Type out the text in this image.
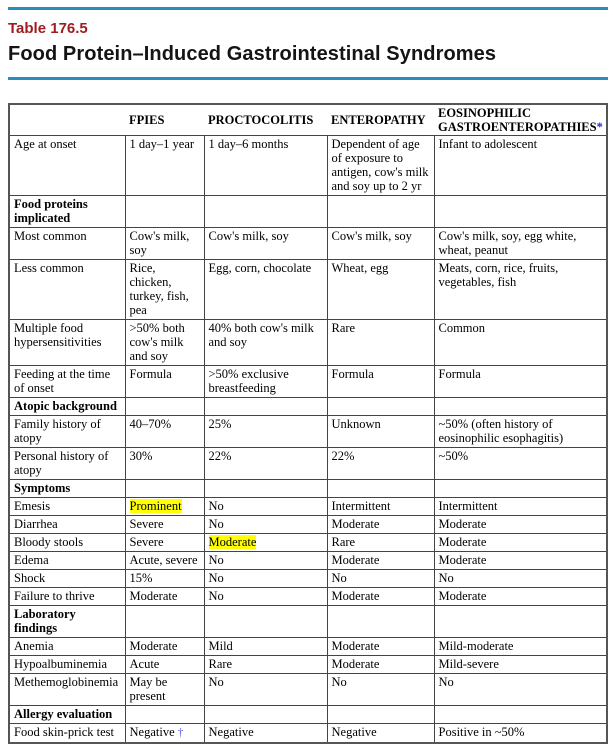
Table 176.5
Food Protein–Induced Gastrointestinal Syndromes
	FPIES	PROCTOCOLITIS	ENTEROPATHY	EOSINOPHILIC GASTROENTEROPATHIES*
Age at onset	1 day–1 year	1 day–6 months	Dependent of age of exposure to antigen, cow's milk and soy up to 2 yr	Infant to adolescent
Food proteins implicated				
Most common	Cow's milk, soy	Cow's milk, soy	Cow's milk, soy	Cow's milk, soy, egg white, wheat, peanut
Less common	Rice, chicken, turkey, fish, pea	Egg, corn, chocolate	Wheat, egg	Meats, corn, rice, fruits, vegetables, fish
Multiple food hypersensitivities	>50% both cow's milk and soy	40% both cow's milk and soy	Rare	Common
Feeding at the time of onset	Formula	>50% exclusive breastfeeding	Formula	Formula
Atopic background				
Family history of atopy	40–70%	25%	Unknown	~50% (often history of eosinophilic esophagitis)
Personal history of atopy	30%	22%	22%	~50%
Symptoms				
Emesis	Prominent	No	Intermittent	Intermittent
Diarrhea	Severe	No	Moderate	Moderate
Bloody stools	Severe	Moderate	Rare	Moderate
Edema	Acute, severe	No	Moderate	Moderate
Shock	15%	No	No	No
Failure to thrive	Moderate	No	Moderate	Moderate
Laboratory findings				
Anemia	Moderate	Mild	Moderate	Mild-moderate
Hypoalbuminemia	Acute	Rare	Moderate	Mild-severe
Methemoglobinemia	May be present	No	No	No
Allergy evaluation				
Food skin-prick test	Negative †	Negative	Negative	Positive in ~50%
